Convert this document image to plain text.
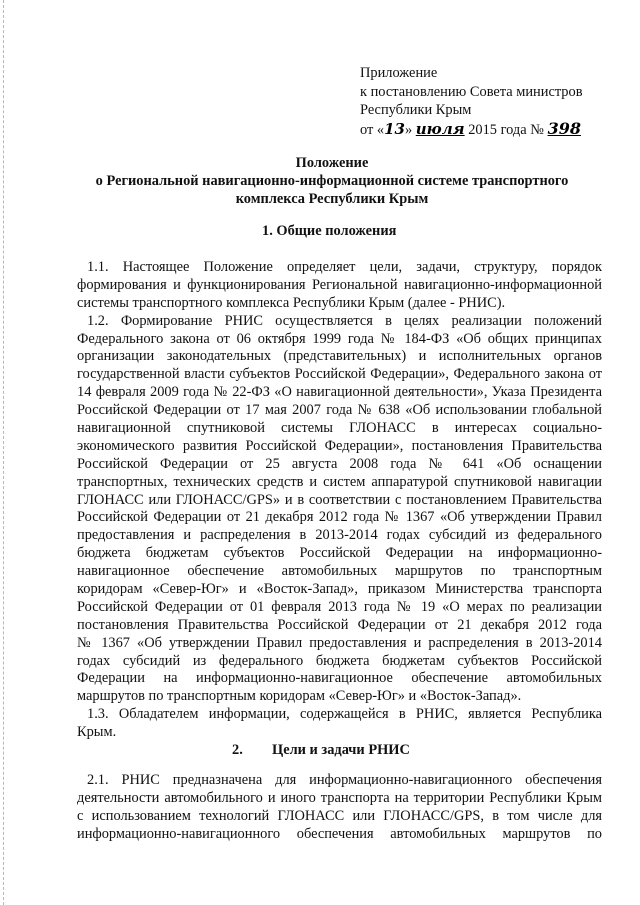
Приложение
к постановлению Совета министров
Республики Крым
от «13» июля 2015 года № 398
Положение
о Региональной навигационно-информационной системе транспортного
комплекса Республики Крым
1. Общие положения
1.1. Настоящее Положение определяет цели, задачи, структуру, порядок
формирования и функционирования Региональной навигационно-информационной
системы транспортного комплекса Республики Крым (далее - РНИС).
1.2. Формирование РНИС осуществляется в целях реализации положений
Федерального закона от 06 октября 1999 года № 184-ФЗ «Об общих принципах
организации законодательных (представительных) и исполнительных органов
государственной власти субъектов Российской Федерации», Федерального закона от
14 февраля 2009 года № 22-ФЗ «О навигационной деятельности», Указа Президента
Российской Федерации от 17 мая 2007 года № 638 «Об использовании глобальной
навигационной спутниковой системы ГЛОНАСС в интересах социально-
экономического развития Российской Федерации», постановления Правительства
Российской Федерации от 25 августа 2008 года № 641 «Об оснащении
транспортных, технических средств и систем аппаратурой спутниковой навигации
ГЛОНАСС или ГЛОНАСС/GPS» и в соответствии с постановлением Правительства
Российской Федерации от 21 декабря 2012 года № 1367 «Об утверждении Правил
предоставления и распределения в 2013-2014 годах субсидий из федерального
бюджета бюджетам субъектов Российской Федерации на информационно-
навигационное обеспечение автомобильных маршрутов по транспортным
коридорам «Север-Юг» и «Восток-Запад», приказом Министерства транспорта
Российской Федерации от 01 февраля 2013 года № 19 «О мерах по реализации
постановления Правительства Российской Федерации от 21 декабря 2012 года
№ 1367 «Об утверждении Правил предоставления и распределения в 2013-2014
годах субсидий из федерального бюджета бюджетам субъектов Российской
Федерации на информационно-навигационное обеспечение автомобильных
маршрутов по транспортным коридорам «Север-Юг» и «Восток-Запад».
1.3. Обладателем информации, содержащейся в РНИС, является Республика
Крым.
2. Цели и задачи РНИС
2.1. РНИС предназначена для информационно-навигационного обеспечения
деятельности автомобильного и иного транспорта на территории Республики Крым
с использованием технологий ГЛОНАСС или ГЛОНАСС/GPS, в том числе для
информационно-навигационного обеспечения автомобильных маршрутов по
